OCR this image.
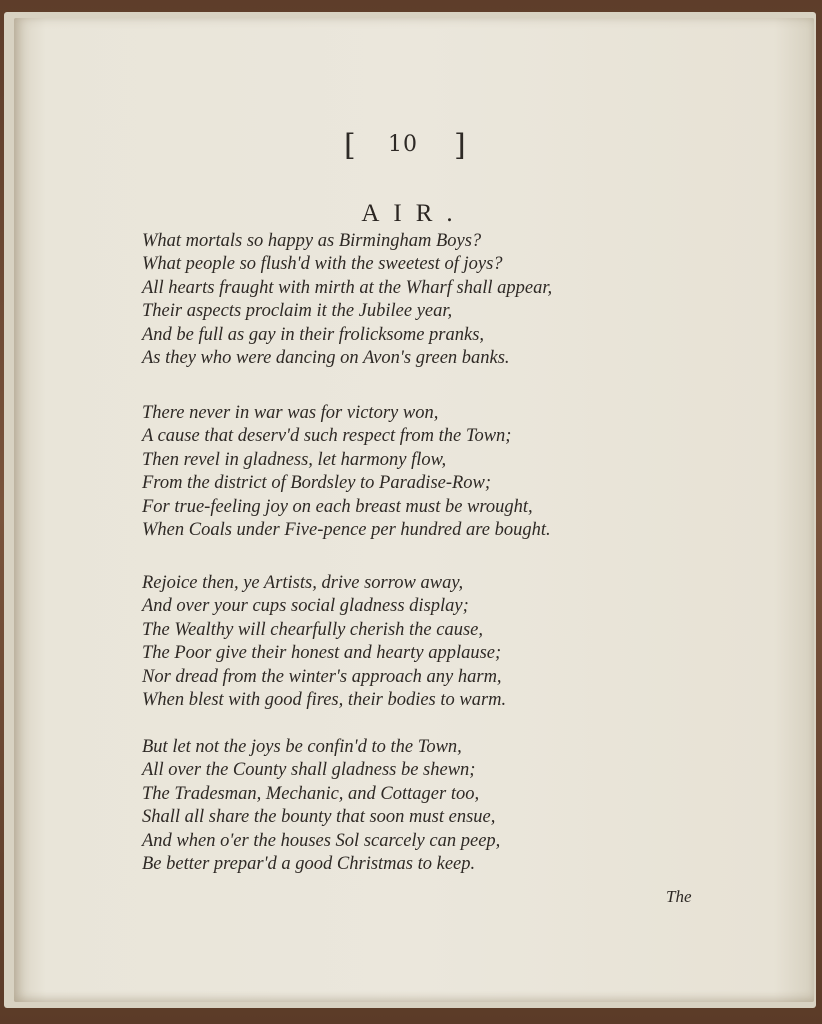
[ 10 ]
AIR.
What mortals so happy as Birmingham Boys?
What people so flush'd with the sweetest of joys?
All hearts fraught with mirth at the Wharf shall appear,
Their aspects proclaim it the Jubilee year,
And be full as gay in their frolicksome pranks,
As they who were dancing on Avon's green banks.
There never in war was for victory won,
A cause that deserv'd such respect from the Town;
Then revel in gladness, let harmony flow,
From the district of Bordsley to Paradise-Row;
For true-feeling joy on each breast must be wrought,
When Coals under Five-pence per hundred are bought.
Rejoice then, ye Artists, drive sorrow away,
And over your cups social gladness display;
The Wealthy will chearfully cherish the cause,
The Poor give their honest and hearty applause;
Nor dread from the winter's approach any harm,
When blest with good fires, their bodies to warm.
But let not the joys be confin'd to the Town,
All over the County shall gladness be shewn;
The Tradesman, Mechanic, and Cottager too,
Shall all share the bounty that soon must ensue,
And when o'er the houses Sol scarcely can peep,
Be better prepar'd a good Christmas to keep.
The
